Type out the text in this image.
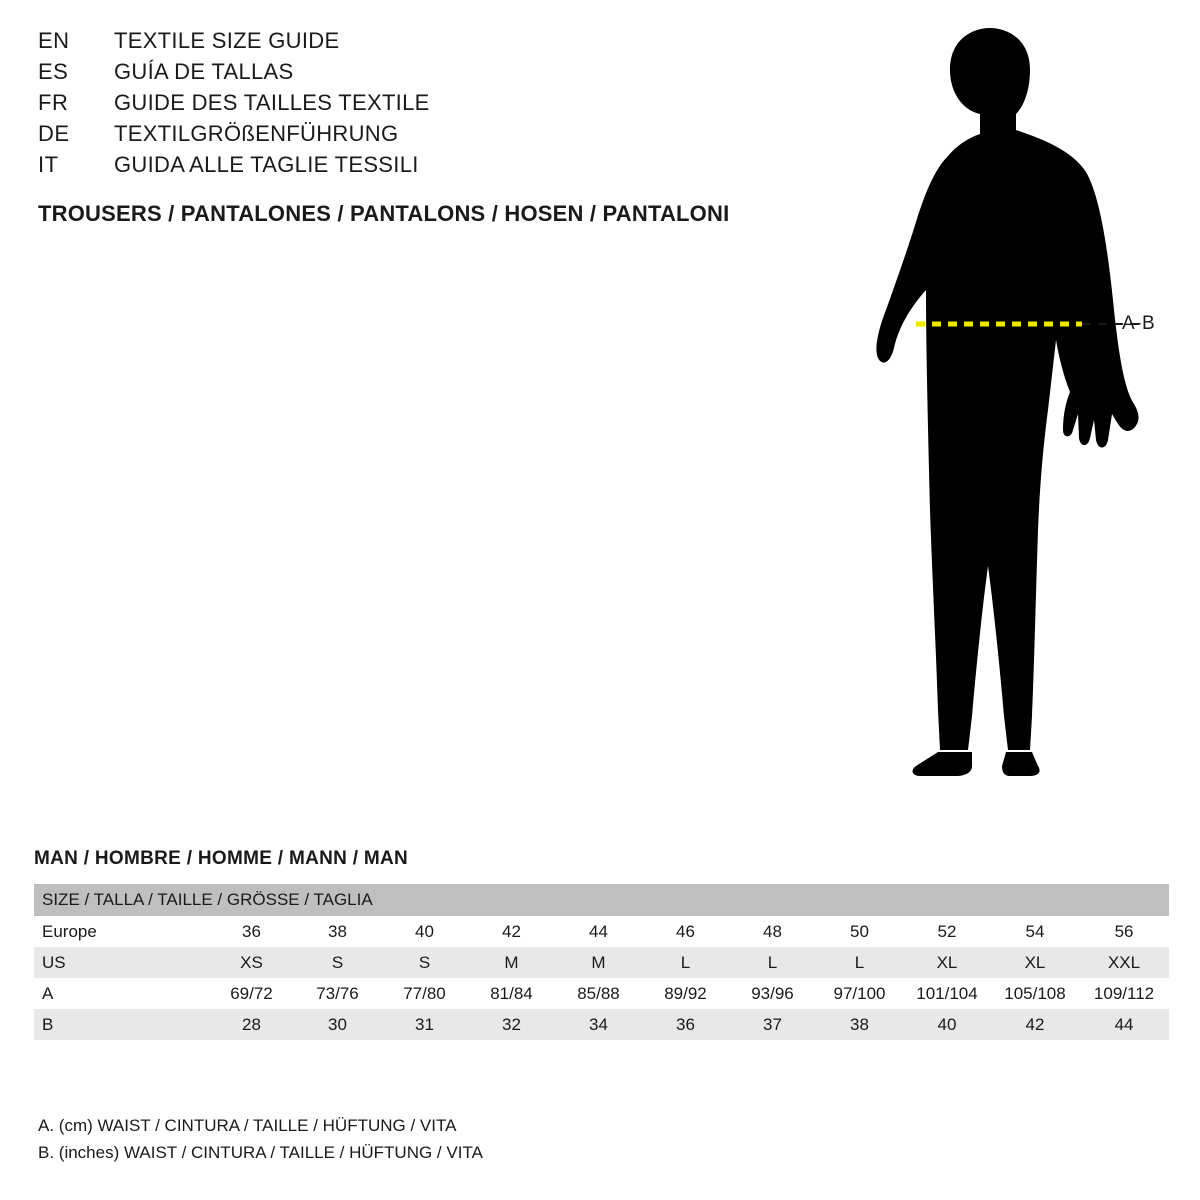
EN	TEXTILE SIZE GUIDE
ES	GUÍA DE TALLAS
FR	GUIDE DES TAILLES TEXTILE
DE	TEXTILGRÖßENFÜHRUNG
IT	GUIDA ALLE TAGLIE TESSILI
TROUSERS / PANTALONES / PANTALONS / HOSEN / PANTALONI
A-B
MAN / HOMBRE / HOMME / MANN / MAN
SIZE / TALLA / TAILLE / GRÖSSE / TAGLIA											
Europe	36	38	40	42	44	46	48	50	52	54	56
US	XS	S	S	M	M	L	L	L	XL	XL	XXL
A	69/72	73/76	77/80	81/84	85/88	89/92	93/96	97/100	101/104	105/108	109/112
B	28	30	31	32	34	36	37	38	40	42	44
A. (cm) WAIST / CINTURA / TAILLE / HÜFTUNG / VITA
B. (inches) WAIST / CINTURA / TAILLE / HÜFTUNG / VITA
